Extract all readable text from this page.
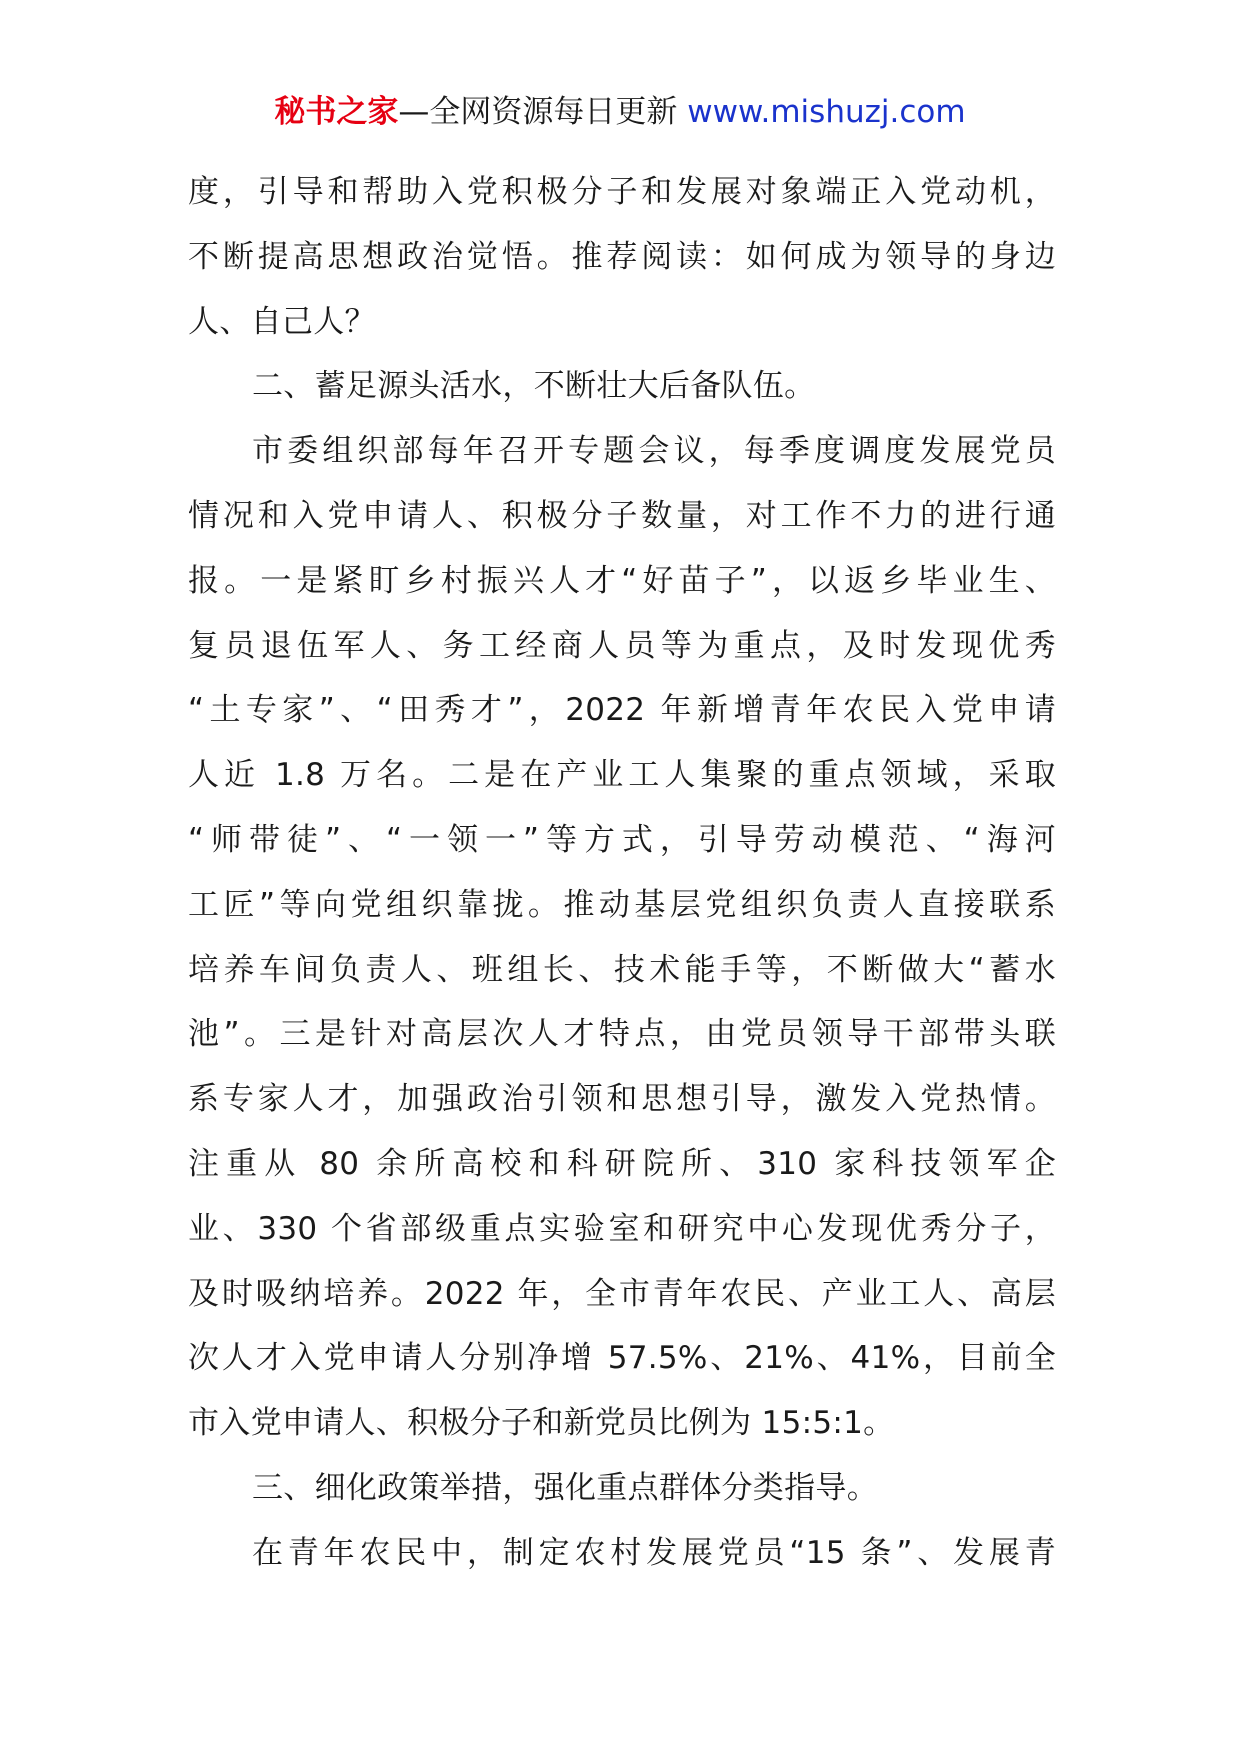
秘书之家—全网资源每日更新 www.mishuzj.com
度，引导和帮助入党积极分子和发展对象端正入党动机，
不断提高思想政治觉悟。推荐阅读：如何成为领导的身边
人、自己人？
二、蓄足源头活水，不断壮大后备队伍。
市委组织部每年召开专题会议，每季度调度发展党员
情况和入党申请人、积极分子数量，对工作不力的进行通
报。一是紧盯乡村振兴人才“好苗子”，以返乡毕业生、
复员退伍军人、务工经商人员等为重点，及时发现优秀
“土专家”、“田秀才”，2022 年新增青年农民入党申请
人近 1.8 万名。二是在产业工人集聚的重点领域，采取
“师带徒”、“一领一”等方式，引导劳动模范、“海河
工匠”等向党组织靠拢。推动基层党组织负责人直接联系
培养车间负责人、班组长、技术能手等，不断做大“蓄水
池”。三是针对高层次人才特点，由党员领导干部带头联
系专家人才，加强政治引领和思想引导，激发入党热情。
注重从 80 余所高校和科研院所、310 家科技领军企
业、330 个省部级重点实验室和研究中心发现优秀分子，
及时吸纳培养。2022 年，全市青年农民、产业工人、高层
次人才入党申请人分别净增 57.5%、21%、41%，目前全
市入党申请人、积极分子和新党员比例为 15:5:1。
三、细化政策举措，强化重点群体分类指导。
在青年农民中，制定农村发展党员“15 条”、发展青
